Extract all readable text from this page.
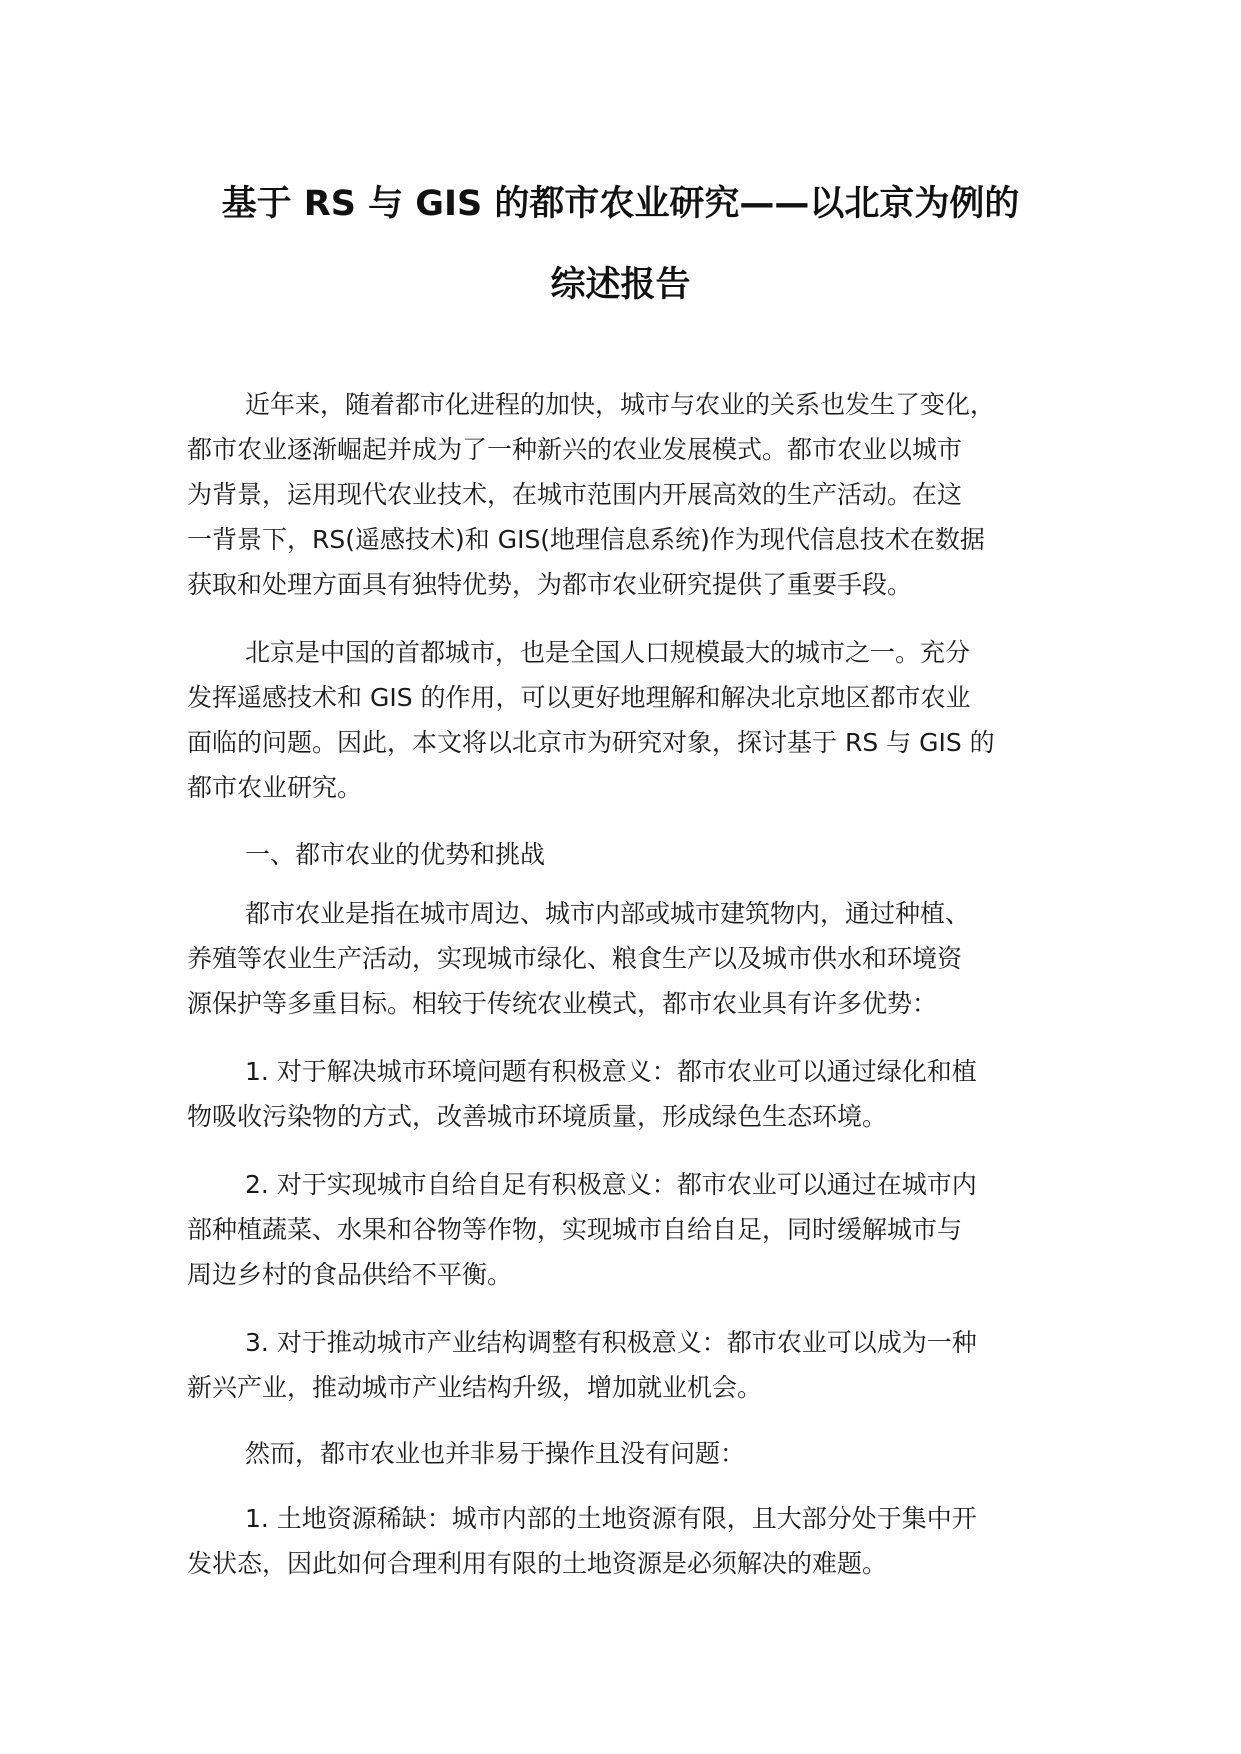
基于 RS 与 GIS 的都市农业研究——以北京为例的
综述报告

近年来，随着都市化进程的加快，城市与农业的关系也发生了变化，
都市农业逐渐崛起并成为了一种新兴的农业发展模式。都市农业以城市
为背景，运用现代农业技术，在城市范围内开展高效的生产活动。在这
一背景下，RS(遥感技术)和 GIS(地理信息系统)作为现代信息技术在数据
获取和处理方面具有独特优势，为都市农业研究提供了重要手段。

北京是中国的首都城市，也是全国人口规模最大的城市之一。充分
发挥遥感技术和 GIS 的作用，可以更好地理解和解决北京地区都市农业
面临的问题。因此，本文将以北京市为研究对象，探讨基于 RS 与 GIS 的
都市农业研究。

一、都市农业的优势和挑战

都市农业是指在城市周边、城市内部或城市建筑物内，通过种植、
养殖等农业生产活动，实现城市绿化、粮食生产以及城市供水和环境资
源保护等多重目标。相较于传统农业模式，都市农业具有许多优势：

1. 对于解决城市环境问题有积极意义：都市农业可以通过绿化和植
物吸收污染物的方式，改善城市环境质量，形成绿色生态环境。

2. 对于实现城市自给自足有积极意义：都市农业可以通过在城市内
部种植蔬菜、水果和谷物等作物，实现城市自给自足，同时缓解城市与
周边乡村的食品供给不平衡。

3. 对于推动城市产业结构调整有积极意义：都市农业可以成为一种
新兴产业，推动城市产业结构升级，增加就业机会。

然而，都市农业也并非易于操作且没有问题：

1. 土地资源稀缺：城市内部的土地资源有限，且大部分处于集中开
发状态，因此如何合理利用有限的土地资源是必须解决的难题。
